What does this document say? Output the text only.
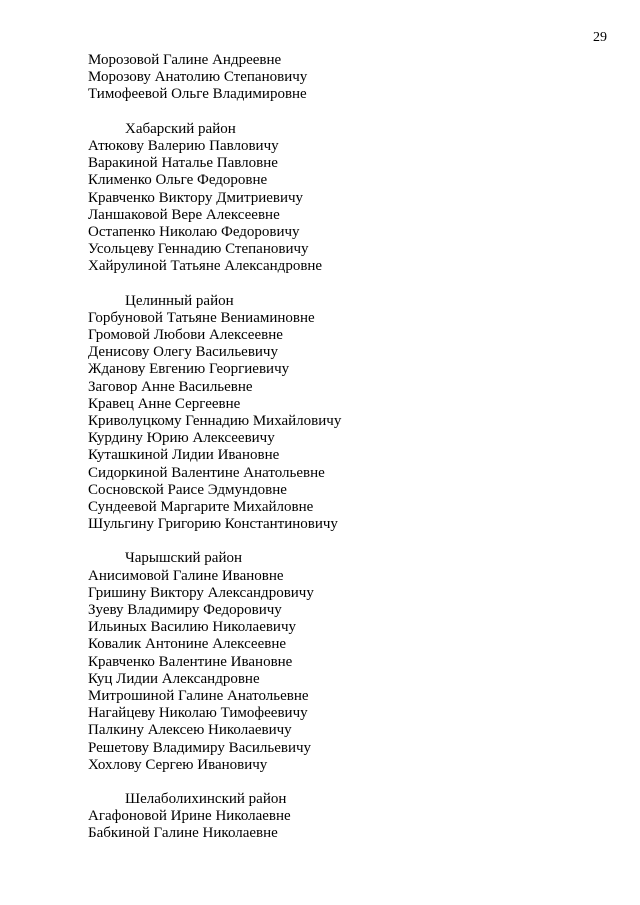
29
Морозовой Галине Андреевне
Морозову Анатолию Степановичу
Тимофеевой Ольге Владимировне
Хабарский район
Атюкову Валерию Павловичу
Варакиной Наталье Павловне
Клименко Ольге Федоровне
Кравченко Виктору Дмитриевичу
Ланшаковой Вере Алексеевне
Остапенко Николаю Федоровичу
Усольцеву Геннадию Степановичу
Хайрулиной Татьяне Александровне
Целинный район
Горбуновой Татьяне Вениаминовне
Громовой Любови Алексеевне
Денисову Олегу Васильевичу
Жданову Евгению Георгиевичу
Заговор Анне Васильевне
Кравец Анне Сергеевне
Криволуцкому Геннадию Михайловичу
Курдину Юрию Алексеевичу
Куташкиной Лидии Ивановне
Сидоркиной Валентине Анатольевне
Сосновской Раисе Эдмундовне
Сундеевой Маргарите Михайловне
Шульгину Григорию Константиновичу
Чарышский район
Анисимовой Галине Ивановне
Гришину Виктору Александровичу
Зуеву Владимиру Федоровичу
Ильиных Василию Николаевичу
Ковалик Антонине Алексеевне
Кравченко Валентине Ивановне
Куц Лидии Александровне
Митрошиной Галине Анатольевне
Нагайцеву Николаю Тимофеевичу
Палкину Алексею Николаевичу
Решетову Владимиру Васильевичу
Хохлову Сергею Ивановичу
Шелаболихинский район
Агафоновой Ирине Николаевне
Бабкиной Галине Николаевне
